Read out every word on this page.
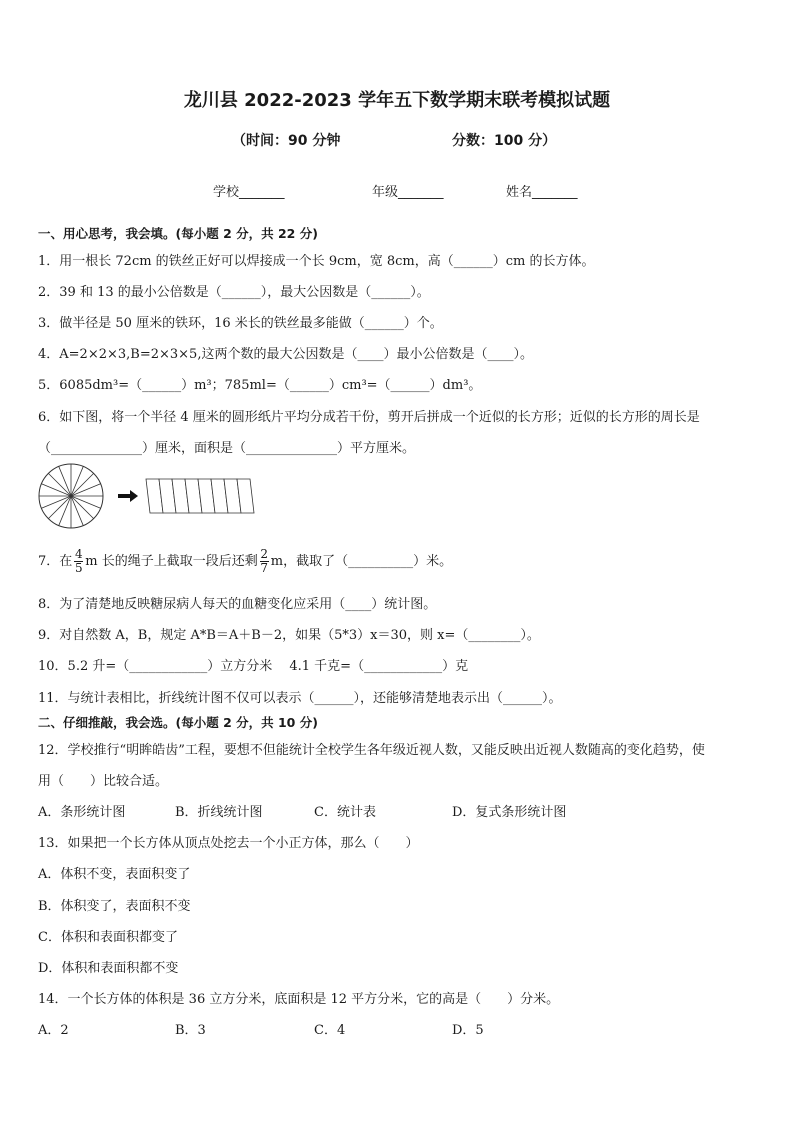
龙川县 2022-2023 学年五下数学期末联考模拟试题
（时间：90 分钟	分数：100 分）
学校_______	年级_______	姓名_______
一、用心思考，我会填。(每小题 2 分，共 22 分)
1．用一根长 72cm 的铁丝正好可以焊接成一个长 9cm，宽 8cm，高（______）cm 的长方体。
2．39 和 13 的最小公倍数是（______），最大公因数是（______）。
3．做半径是 50 厘米的铁环，16 米长的铁丝最多能做（______）个。
4．A=2×2×3,B=2×3×5,这两个数的最大公因数是（____）最小公倍数是（____）。
5．6085dm³=（______）m³；785ml=（______）cm³=（______）dm³。
6．如下图，将一个半径 4 厘米的圆形纸片平均分成若干份，剪开后拼成一个近似的长方形；近似的长方形的周长是
（______________）厘米，面积是（______________）平方厘米。
7．在 $\frac{4}{5}$ m 长的绳子上截取一段后还剩 $\frac{2}{7}$ m，截取了（__________）米。
8．为了清楚地反映糖尿病人每天的血糖变化应采用（____）统计图。
9．对自然数 A，B，规定 A*B＝A＋B－2，如果（5*3）x＝30，则 x=（________）。
10．5.2 升=（____________）立方分米　 4.1 千克=（____________）克
11．与统计表相比，折线统计图不仅可以表示（______），还能够清楚地表示出（______）。
二、仔细推敲，我会选。(每小题 2 分，共 10 分)
12．学校推行“明眸皓齿”工程，要想不但能统计全校学生各年级近视人数，又能反映出近视人数随高的变化趋势，使
用（　　）比较合适。
A．条形统计图	B．折线统计图	C．统计表	D．复式条形统计图
13．如果把一个长方体从顶点处挖去一个小正方体，那么（　　）
A．体积不变，表面积变了
B．体积变了，表面积不变
C．体积和表面积都变了
D．体积和表面积都不变
14．一个长方体的体积是 36 立方分米，底面积是 12 平方分米，它的高是（　　）分米。
A．2	B．3	C．4	D．5
